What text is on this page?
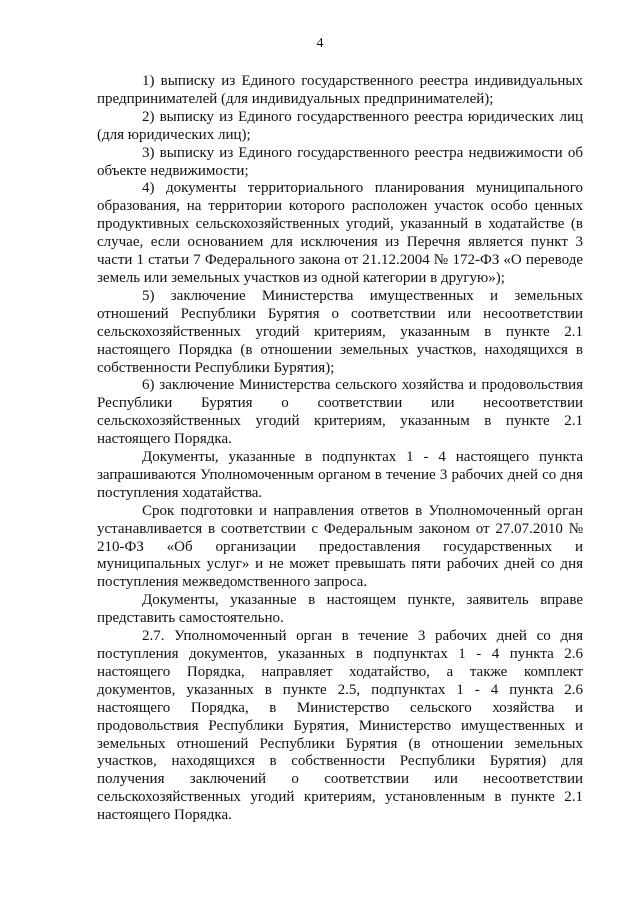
4

1) выписку из Единого государственного реестра индивидуальных предпринимателей (для индивидуальных предпринимателей);

2) выписку из Единого государственного реестра юридических лиц (для юридических лиц);

3) выписку из Единого государственного реестра недвижимости об объекте недвижимости;

4) документы территориального планирования муниципального образования, на территории которого расположен участок особо ценных продуктивных сельскохозяйственных угодий, указанный в ходатайстве (в случае, если основанием для исключения из Перечня является пункт 3 части 1 статьи 7 Федерального закона от 21.12.2004 № 172-ФЗ «О переводе земель или земельных участков из одной категории в другую»);

5) заключение Министерства имущественных и земельных отношений Республики Бурятия о соответствии или несоответствии сельскохозяйственных угодий критериям, указанным в пункте 2.1 настоящего Порядка (в отношении земельных участков, находящихся в собственности Республики Бурятия);

6) заключение Министерства сельского хозяйства и продовольствия Республики Бурятия о соответствии или несоответствии сельскохозяйственных угодий критериям, указанным в пункте 2.1 настоящего Порядка.

Документы, указанные в подпунктах 1 - 4 настоящего пункта запрашиваются Уполномоченным органом в течение 3 рабочих дней со дня поступления ходатайства.

Срок подготовки и направления ответов в Уполномоченный орган устанавливается в соответствии с Федеральным законом от 27.07.2010 № 210-ФЗ «Об организации предоставления государственных и муниципальных услуг» и не может превышать пяти рабочих дней со дня поступления межведомственного запроса.

Документы, указанные в настоящем пункте, заявитель вправе представить самостоятельно.

2.7. Уполномоченный орган в течение 3 рабочих дней со дня поступления документов, указанных в подпунктах 1 - 4 пункта 2.6 настоящего Порядка, направляет ходатайство, а также комплект документов, указанных в пункте 2.5, подпунктах 1 - 4 пункта 2.6 настоящего Порядка, в Министерство сельского хозяйства и продовольствия Республики Бурятия, Министерство имущественных и земельных отношений Республики Бурятия (в отношении земельных участков, находящихся в собственности Республики Бурятия) для получения заключений о соответствии или несоответствии сельскохозяйственных угодий критериям, установленным в пункте 2.1 настоящего Порядка.
